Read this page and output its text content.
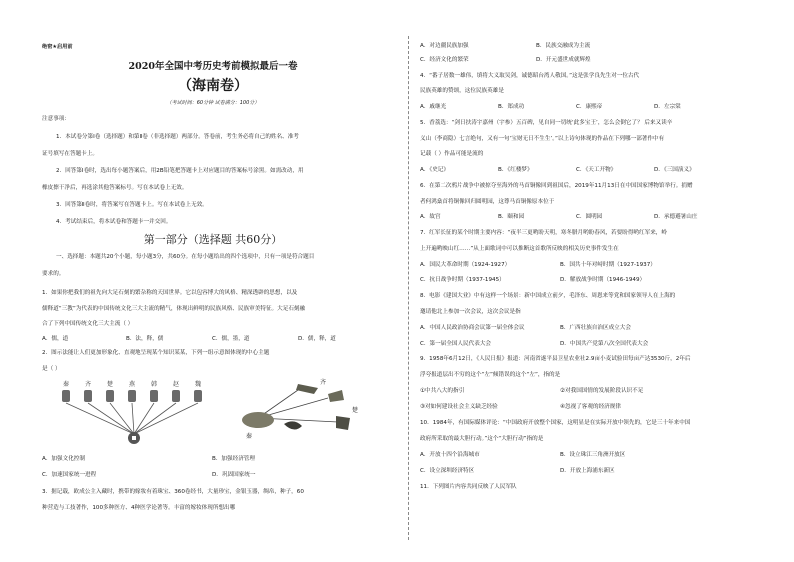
绝密★启用前
2020年全国中考历史考前模拟最后一卷
（海南卷）
（考试时间：60分钟 试卷满分：100分）
注意事项：
1．本试卷分第Ⅰ卷（选择题）和第Ⅱ卷（非选择题）两部分。答卷前，考生务必将自己的姓名、准考
证号填写在答题卡上。
2．回答第Ⅰ卷时，选出每小题答案后，用2B铅笔把答题卡上对应题目的答案标号涂黑。如需改动，用
橡皮擦干净后，再选涂其他答案标号。写在本试卷上无效。
3．回答第Ⅱ卷时，将答案写在答题卡上。写在本试卷上无效。
4．考试结束后，将本试卷和答题卡一并交回。
第一部分（选择题 共60分）
一、选择题：本题共20个小题，每小题3分，共60分。在每小题给出的四个选项中，只有一项是符合题目
要求的。
1．如果你把我们的祖先向大足石刻的繁杂称的天国世界。它以包容博大的风格、精深透辟的思想，以及
儒释道“三教”为代表的中国传统文化三大主流的精气，体现出鲜明的民族风格、民族审美特征。大足石刻融
合了下列中国传统文化三大主流（ ）
A．儒，道	B．法，释，儒	C．儒，墨，道	D．儒，释，道
2．图示法能让人们更加形象化、直观地呈现某个知识某某，下列一组示意图体现的中心主题
是（ ）
秦	齐	楚	燕	韩	赵	魏	齐
楚
秦
A．加强文化控制	B．加强经济管理
C．加速国家统一进程	D．巩固国家统一
3．据记载，欧成公主入藏时，携带的嫁妆有着珠宝、360卷经书，大量珍宝，金银玉器，绸帛，种子，60
种营造与工技著作，100多种医方、4种医学论著等。丰富的嫁妆体现所想出哪
A．对边疆民族加强	B．民族交融成为主流
C．经济文化的繁荣	D．开元盛世成就辉煌
4．“番子居数一雄伟，填将大义取吴剑，诚德昭台湾人敬国。”这是张学良先生对一位古代
民族英雄的赞颂，这位民族英雄是
A．戚继光	B．郑成功	C．康熙帝	D．左宗棠
5．香荔选：“剑日扶涛宇嘉州（宇参）五百碑，见自同一切统‘此多宝王’，怎么会倒它了？ 后来又读辛
义山（李商隐）七言绝句，又有一句‘宝财无日不生生’。”以上诗句体现的作品在下列哪一部著作中有
记载（ ）作品可能是流的
A．《史记》	B．《红楼梦》	C．《天工开物》	D．《三国演义》
6．在第二次鸦片战争中被掠夺至海外的马首铜像回到祖国后，2019年11月13日在中国国家博物馆举行。捐赠
者何鸿燊首将铜像回归圆明园，这尊马首铜像原本位于
A．故宫	B．颐和园	C．圆明园	D．承德避暑山庄
7．红军长征的某个时期主要内容：“夜半三更哟盼天明，寒冬腊月哟盼春风，若要盼得哟红军来，岭
上开遍哟映山红……”从上面歌词中可以推断这首歌所反映的相关历史事件发生在
A．国民大革命时期（1924-1927）	B．国共十年对峙时期（1927-1937）
C．抗日战争时期（1937-1945）	D．解放战争时期（1946-1949）
8．电影《建国大业》中有这样一个场景：新中国成立前夕，毛泽东、周恩来等党和国家领导人在上海的
邀请他北上参加一次会议，这次会议是指
A．中国人民政治协商会议第一届全体会议	B．广西壮族自治区成立大会
C．第一届全国人民代表大会	D．中国共产党第八次全国代表大会
9．1958年6月12日，《人民日报》报道：河南省遂平县卫星农业社2.9亩小麦试验田每亩产达3530斤，2年后
浮夸报道层出不穷的这个“左”倾错误的这个“左”，指的是
①中共八大的指引	②对我国国情的发展阶段认识不足
③对如何建设社会主义缺乏经验	④忽视了客观的经济规律
10．1984年，有国际媒体评论：“中国政府开放整个国家，这明显是在实际开放中领先的，它是三十年来中国
政府所采取的最大胆行动。”这个“大胆行动”指的是
A．开放十四个沿海城市	B．设立珠江三角洲开放区
C．设立深圳经济特区	D．开放上海浦东新区
11．下列图片内容共同反映了人民军队
